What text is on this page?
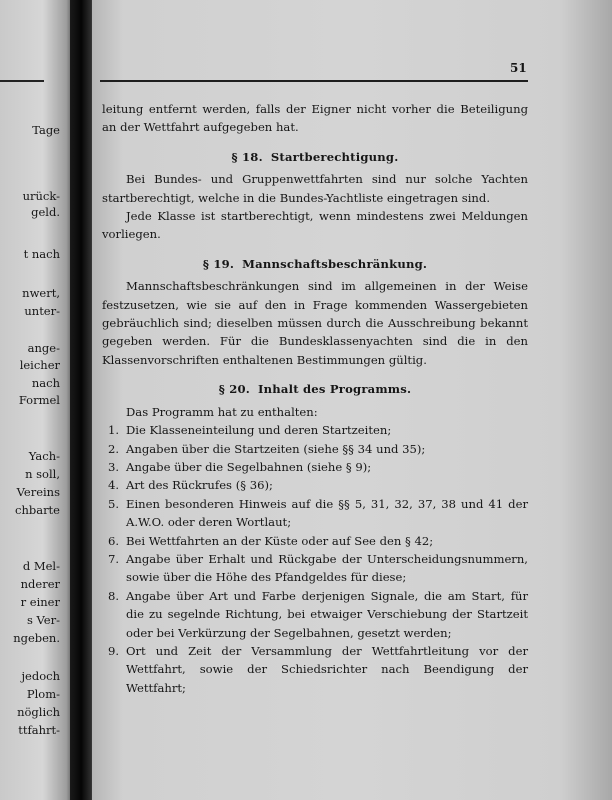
Tage
urück-
geld.
t nach
nwert,
unter-
ange-
leicher
nach
Formel
Yach-
n soll,
Vereins
chbarte
d Mel-
nderer
r einer
s Ver-
ngeben.
jedoch
Plom-
nöglich
ttfahrt-
51

leitung entfernt werden, falls der Eigner nicht vorher die Beteiligung an der Wettfahrt aufgegeben hat.

§ 18. Startberechtigung.

Bei Bundes- und Gruppenwettfahrten sind nur solche Yachten startberechtigt, welche in die Bundes-Yachtliste eingetragen sind.

Jede Klasse ist startberechtigt, wenn mindestens zwei Meldungen vorliegen.

§ 19. Mannschaftsbeschränkung.

Mannschaftsbeschränkungen sind im allgemeinen in der Weise festzusetzen, wie sie auf den in Frage kommenden Wassergebieten gebräuchlich sind; dieselben müssen durch die Ausschreibung bekannt gegeben werden. Für die Bundesklassenyachten sind die in den Klassenvorschriften enthaltenen Bestimmungen gültig.

§ 20. Inhalt des Programms.

Das Programm hat zu enthalten:

1. Die Klasseneinteilung und deren Startzeiten;
2. Angaben über die Startzeiten (siehe §§ 34 und 35);
3. Angabe über die Segelbahnen (siehe § 9);
4. Art des Rückrufes (§ 36);
5. Einen besonderen Hinweis auf die §§ 5, 31, 32, 37, 38 und 41 der A.W.O. oder deren Wortlaut;
6. Bei Wettfahrten an der Küste oder auf See den § 42;
7. Angabe über Erhalt und Rückgabe der Unterscheidungsnummern, sowie über die Höhe des Pfandgeldes für diese;
8. Angabe über Art und Farbe derjenigen Signale, die am Start, für die zu segelnde Richtung, bei etwaiger Verschiebung der Startzeit oder bei Verkürzung der Segelbahnen, gesetzt werden;
9. Ort und Zeit der Versammlung der Wettfahrtleitung vor der Wettfahrt, sowie der Schiedsrichter nach Beendigung der Wettfahrt;
